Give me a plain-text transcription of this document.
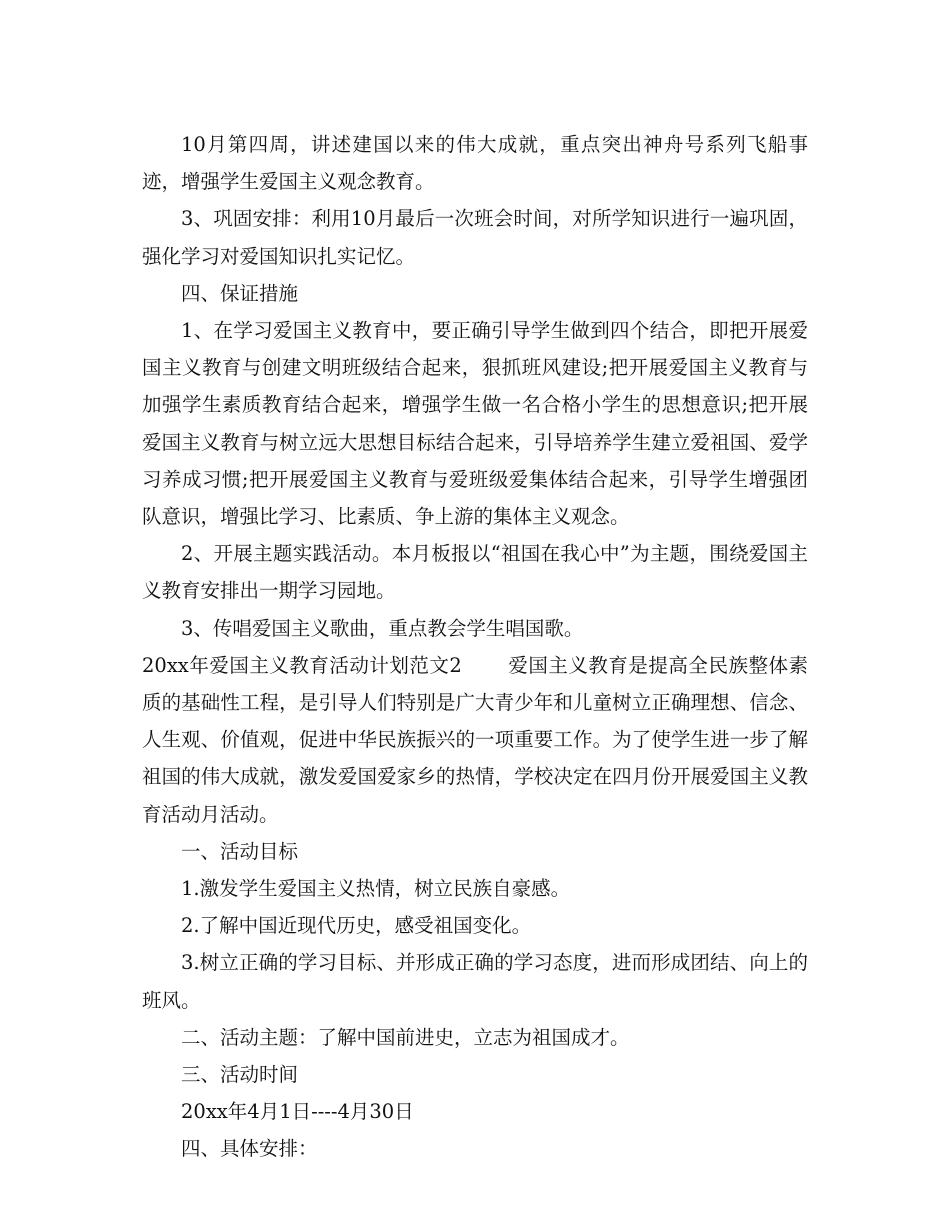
10月第四周，讲述建国以来的伟大成就，重点突出神舟号系列飞船事迹，增强学生爱国主义观念教育。

3、巩固安排：利用10月最后一次班会时间，对所学知识进行一遍巩固，强化学习对爱国知识扎实记忆。

四、保证措施

1、在学习爱国主义教育中，要正确引导学生做到四个结合，即把开展爱国主义教育与创建文明班级结合起来，狠抓班风建设;把开展爱国主义教育与加强学生素质教育结合起来，增强学生做一名合格小学生的思想意识;把开展爱国主义教育与树立远大思想目标结合起来，引导培养学生建立爱祖国、爱学习养成习惯;把开展爱国主义教育与爱班级爱集体结合起来，引导学生增强团队意识，增强比学习、比素质、争上游的集体主义观念。

2、开展主题实践活动。本月板报以“祖国在我心中”为主题，围绕爱国主义教育安排出一期学习园地。

3、传唱爱国主义歌曲，重点教会学生唱国歌。

20xx年爱国主义教育活动计划范文2 爱国主义教育是提高全民族整体素质的基础性工程，是引导人们特别是广大青少年和儿童树立正确理想、信念、人生观、价值观，促进中华民族振兴的一项重要工作。为了使学生进一步了解祖国的伟大成就，激发爱国爱家乡的热情，学校决定在四月份开展爱国主义教育活动月活动。

一、活动目标

1.激发学生爱国主义热情，树立民族自豪感。

2.了解中国近现代历史，感受祖国变化。

3.树立正确的学习目标、并形成正确的学习态度，进而形成团结、向上的班风。

二、活动主题：了解中国前进史，立志为祖国成才。

三、活动时间

20xx年4月1日----4月30日

四、具体安排：
